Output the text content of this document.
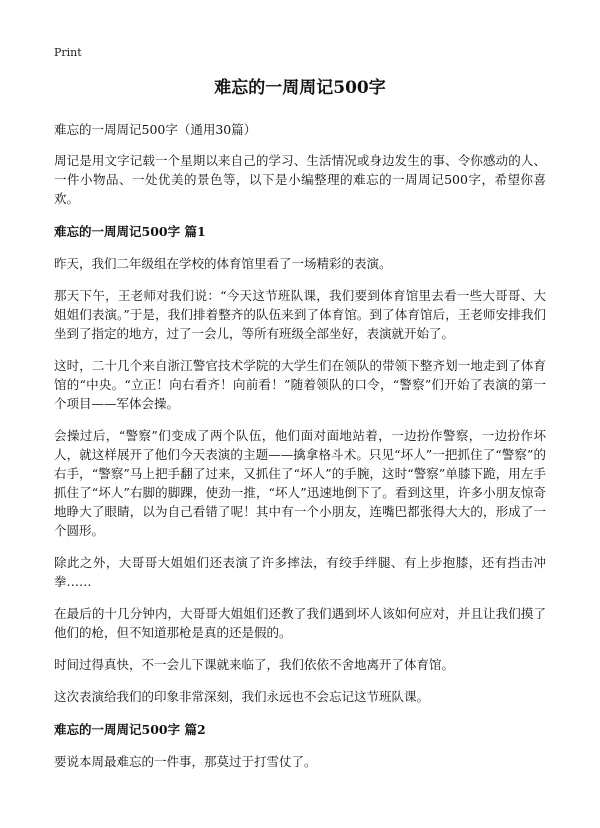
Print
难忘的一周周记500字

难忘的一周周记500字（通用30篇）

周记是用文字记载一个星期以来自己的学习、生活情况或身边发生的事、令你感动的人、一件小物品、一处优美的景色等，以下是小编整理的难忘的一周周记500字，希望你喜欢。

难忘的一周周记500字 篇1

昨天，我们二年级组在学校的体育馆里看了一场精彩的表演。

那天下午，王老师对我们说：“今天这节班队课，我们要到体育馆里去看一些大哥哥、大姐姐们表演。”于是，我们排着整齐的队伍来到了体育馆。到了体育馆后，王老师安排我们坐到了指定的地方，过了一会儿，等所有班级全部坐好，表演就开始了。

这时，二十几个来自浙江警官技术学院的大学生们在领队的带领下整齐划一地走到了体育馆的“中央。“立正！向右看齐！向前看！”随着领队的口令，“警察”们开始了表演的第一个项目——军体会操。

会操过后，“警察”们变成了两个队伍，他们面对面地站着，一边扮作警察，一边扮作坏人，就这样展开了他们今天表演的主题——擒拿格斗术。只见“坏人”一把抓住了“警察”的右手，“警察”马上把手翻了过来，又抓住了“坏人”的手腕，这时“警察”单膝下跪，用左手抓住了“坏人”右脚的脚踝，使劲一推，“坏人”迅速地倒下了。看到这里，许多小朋友惊奇地睁大了眼睛，以为自己看错了呢！其中有一个小朋友，连嘴巴都张得大大的，形成了一个圆形。

除此之外，大哥哥大姐姐们还表演了许多摔法，有绞手绊腿、有上步抱膝，还有挡击冲拳……

在最后的十几分钟内，大哥哥大姐姐们还教了我们遇到坏人该如何应对，并且让我们摸了他们的枪，但不知道那枪是真的还是假的。

时间过得真快，不一会儿下课就来临了，我们依依不舍地离开了体育馆。

这次表演给我们的印象非常深刻，我们永远也不会忘记这节班队课。

难忘的一周周记500字 篇2

要说本周最难忘的一件事，那莫过于打雪仗了。
